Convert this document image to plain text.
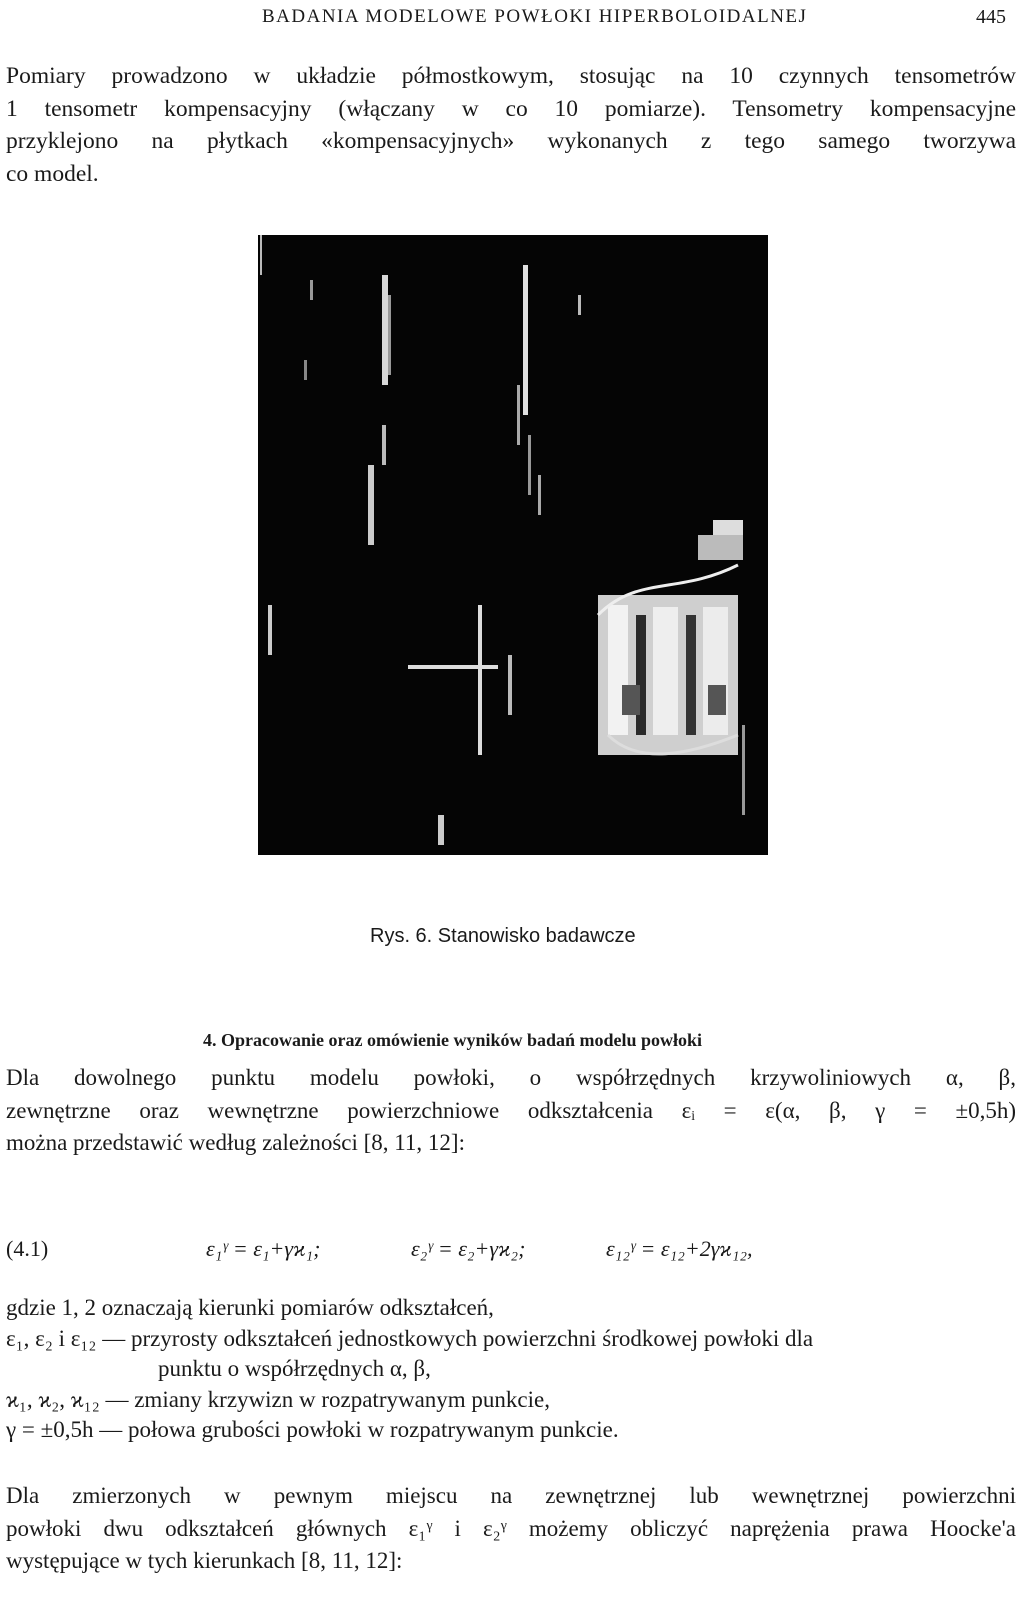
BADANIA MODELOWE POWŁOKI HIPERBOLOIDALNEJ	445
Pomiary prowadzono w układzie półmostkowym, stosując na 10 czynnych tensometrów
1 tensometr kompensacyjny (włączany w co 10 pomiarze). Tensometry kompensacyjne
przyklejono na płytkach «kompensacyjnych» wykonanych z tego samego tworzywa
co model.
Rys. 6. Stanowisko badawcze
4. Opracowanie oraz omówienie wyników badań modelu powłoki
Dla dowolnego punktu modelu powłoki, o współrzędnych krzywoliniowych α, β,
zewnętrzne oraz wewnętrzne powierzchniowe odkształcenia εᵢ = ε(α, β, γ = ±0,5h)
można przedstawić według zależności [8, 11, 12]:
(4.1)	ε₁ᵞ = ε₁+γϰ₁;	ε₂ᵞ = ε₂+γϰ₂;	ε₁₂ᵞ = ε₁₂+2γϰ₁₂,
gdzie 1, 2 oznaczają kierunki pomiarów odkształceń,
ε₁, ε₂ i ε₁₂ — przyrosty odkształceń jednostkowych powierzchni środkowej powłoki dla
punktu o współrzędnych α, β,
ϰ₁, ϰ₂, ϰ₁₂ — zmiany krzywizn w rozpatrywanym punkcie,
γ = ±0,5h — połowa grubości powłoki w rozpatrywanym punkcie.
Dla zmierzonych w pewnym miejscu na zewnętrznej lub wewnętrznej powierzchni
powłoki dwu odkształceń głównych ε₁ᵞ i ε₂ᵞ możemy obliczyć naprężenia prawa Hoocke'a
występujące w tych kierunkach [8, 11, 12]:
